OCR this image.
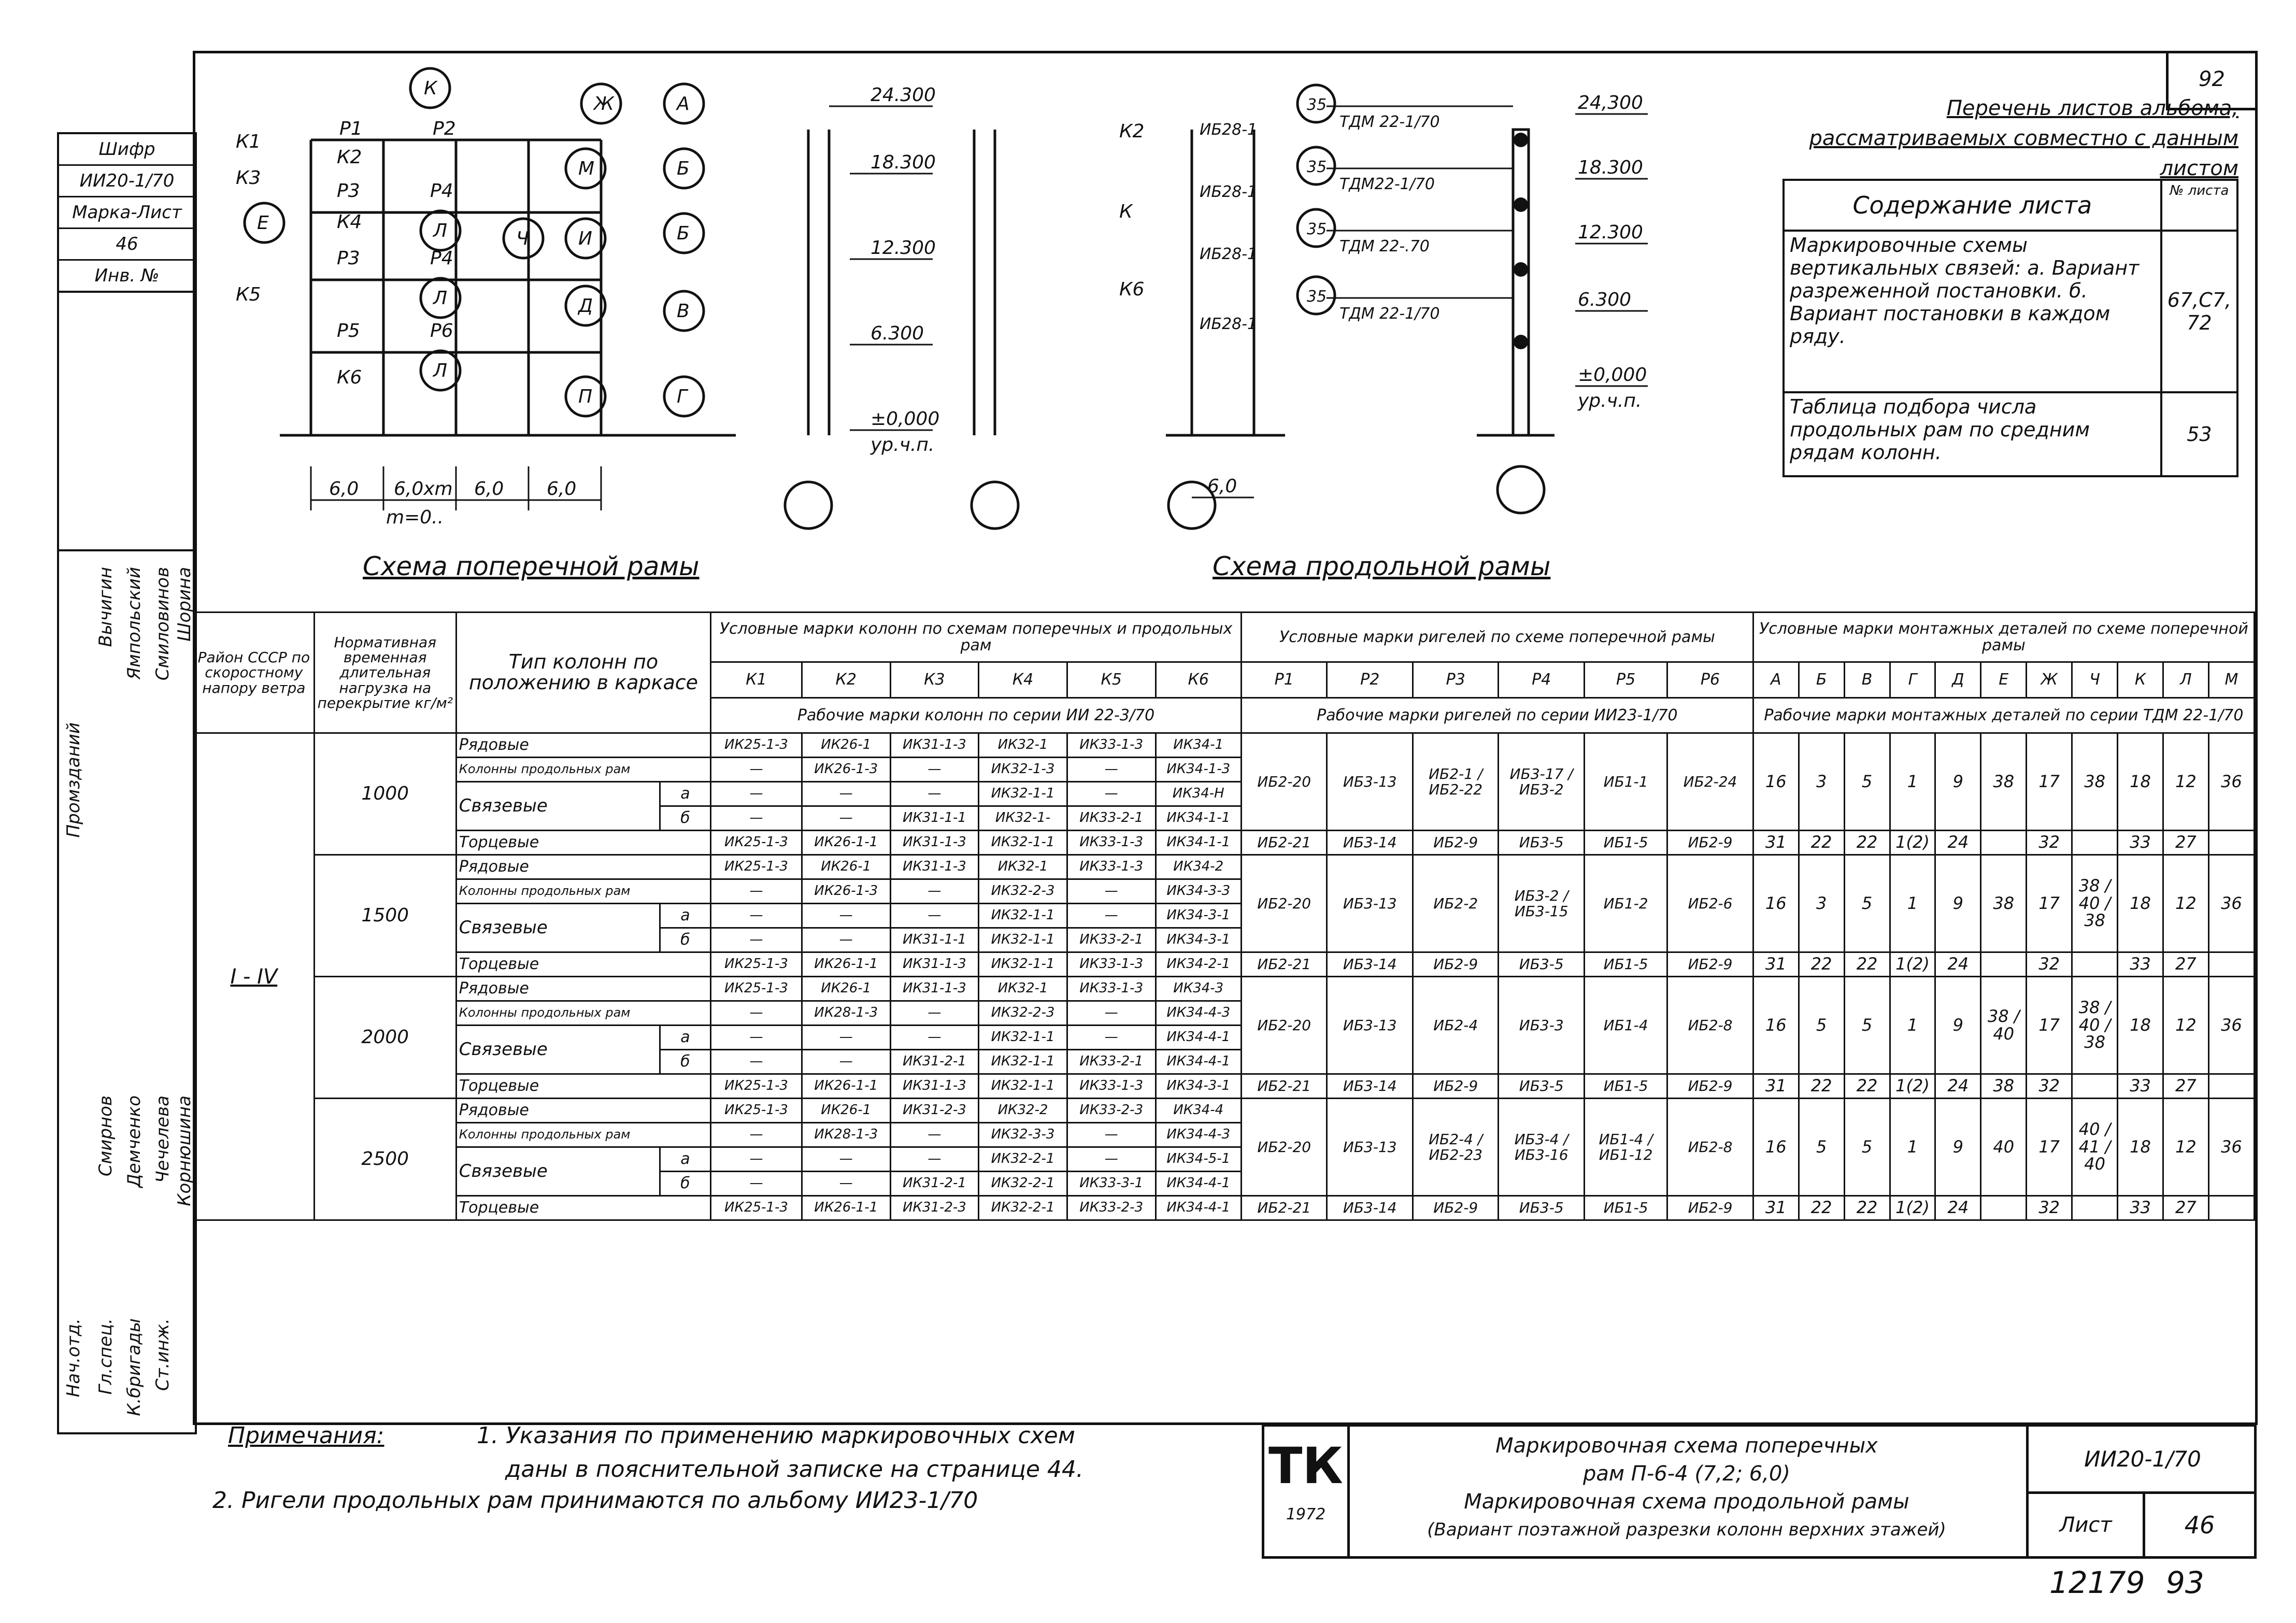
92
Шифр
ИИ20-1/70
Марка-Лист
46
Инв. №
Промзданий
Вычигин Ямпольский Смиловинов Шорина
Смирнов Демченко Чечелева Корнюшина
Нач.отд. Гл.спец. К.бригады Ст.инж.
Р1	Р2
Р3	Р4
Р3	Р4
Р5	Р6
К1
К2
К3
К4
К5
К6
К
Ж	А
М	Б
Е	Л	Ч	И	Б
Л	Д	В
Л
П	Г
6,0 6,0хm 6,0 6,0
m=0..
24.300
18.300
12.300
6.300
±0,000
ур.ч.п.
К2
К
К6
ИБ28-1
ИБ28-1
ИБ28-1
ИБ28-1
35
35
35
35
ТДМ 22-1/70
ТДМ22-1/70
ТДМ 22-.70
ТДМ 22-1/70
6,0
24,300
18.300
12.300
6.300
±0,000
ур.ч.п.
Схема поперечной рамы	Схема продольной рамы
Перечень листов альбома,
рассматриваемых совместно с данным листом
Содержание листа	№ листа
Маркировочные схемы вертикальных связей: а. Вариант разреженной постановки. б. Вариант постановки в каждом ряду.	67,С7, 72
Таблица подбора числа продольных рам по средним рядам колонн.	53
Район СССР по скоростному напору ветра	Нормативная временная длительная нагрузка на перекрытие кг/м²	Тип колонн по положению в каркасе		Условные марки колонн по схемам поперечных и продольных рам						Условные марки ригелей по схеме поперечной рамы						Условные марки монтажных деталей по схеме поперечной рамы										
				К1	К2	К3	К4	К5	К6	Р1	Р2	Р3	Р4	Р5	Р6	А	Б	В	Г	Д	Е	Ж	Ч	К	Л	М
				Рабочие марки колонн по серии ИИ 22-3/70						Рабочие марки ригелей по серии ИИ23-1/70						Рабочие марки монтажных деталей по серии ТДМ 22-1/70										
I - IV	1000	Рядовые		ИК25-1-3	ИК26-1	ИК31-1-3	ИК32-1	ИК33-1-3	ИК34-1	ИБ2-20	ИБ3-13	ИБ2-1 / ИБ2-22	ИБ3-17 / ИБ3-2	ИБ1-1	ИБ2-24	16	3	5	1	9	38	17	38	18	12	36
		Колонны продольных рам		—	ИК26-1-3	—	ИК32-1-3	—	ИК34-1-3																	
		Связевые	а	—	—	—	ИК32-1-1	—	ИК34-Н																	
			б	—	—	ИК31-1-1	ИК32-1-	ИК33-2-1	ИК34-1-1																	
		Торцевые		ИК25-1-3	ИК26-1-1	ИК31-1-3	ИК32-1-1	ИК33-1-3	ИК34-1-1	ИБ2-21	ИБ3-14	ИБ2-9	ИБ3-5	ИБ1-5	ИБ2-9	31	22	22	1(2)	24		32		33	27	
	1500	Рядовые		ИК25-1-3	ИК26-1	ИК31-1-3	ИК32-1	ИК33-1-3	ИК34-2	ИБ2-20	ИБ3-13	ИБ2-2	ИБ3-2 / ИБ3-15	ИБ1-2	ИБ2-6	16	3	5	1	9	38	17	38 / 40 / 38	18	12	36
		Колонны продольных рам		—	ИК26-1-3	—	ИК32-2-3	—	ИК34-3-3																	
		Связевые	а	—	—	—	ИК32-1-1	—	ИК34-3-1																	
			б	—	—	ИК31-1-1	ИК32-1-1	ИК33-2-1	ИК34-3-1																	
		Торцевые		ИК25-1-3	ИК26-1-1	ИК31-1-3	ИК32-1-1	ИК33-1-3	ИК34-2-1	ИБ2-21	ИБ3-14	ИБ2-9	ИБ3-5	ИБ1-5	ИБ2-9	31	22	22	1(2)	24		32		33	27	
	2000	Рядовые		ИК25-1-3	ИК26-1	ИК31-1-3	ИК32-1	ИК33-1-3	ИК34-3	ИБ2-20	ИБ3-13	ИБ2-4	ИБ3-3	ИБ1-4	ИБ2-8	16	5	5	1	9	38 / 40	17	38 / 40 / 38	18	12	36
		Колонны продольных рам		—	ИК28-1-3	—	ИК32-2-3	—	ИК34-4-3																	
		Связевые	а	—	—	—	ИК32-1-1	—	ИК34-4-1																	
			б	—	—	ИК31-2-1	ИК32-1-1	ИК33-2-1	ИК34-4-1																	
		Торцевые		ИК25-1-3	ИК26-1-1	ИК31-1-3	ИК32-1-1	ИК33-1-3	ИК34-3-1	ИБ2-21	ИБ3-14	ИБ2-9	ИБ3-5	ИБ1-5	ИБ2-9	31	22	22	1(2)	24	38	32		33	27	
	2500	Рядовые		ИК25-1-3	ИК26-1	ИК31-2-3	ИК32-2	ИК33-2-3	ИК34-4	ИБ2-20	ИБ3-13	ИБ2-4 / ИБ2-23	ИБ3-4 / ИБ3-16	ИБ1-4 / ИБ1-12	ИБ2-8	16	5	5	1	9	40	17	40 / 41 / 40	18	12	36
		Колонны продольных рам		—	ИК28-1-3	—	ИК32-3-3	—	ИК34-4-3																	
		Связевые	а	—	—	—	ИК32-2-1	—	ИК34-5-1																	
			б	—	—	ИК31-2-1	ИК32-2-1	ИК33-3-1	ИК34-4-1																	
		Торцевые		ИК25-1-3	ИК26-1-1	ИК31-2-3	ИК32-2-1	ИК33-2-3	ИК34-4-1	ИБ2-21	ИБ3-14	ИБ2-9	ИБ3-5	ИБ1-5	ИБ2-9	31	22	22	1(2)	24		32		33	27	
Примечания:	1. Указания по применению маркировочных схем
даны в пояснительной записке на странице 44.
2. Ригели продольных рам принимаются по альбому ИИ23-1/70
ТК
1972
Маркировочная схема поперечных
рам П-6-4 (7,2; 6,0)
Маркировочная схема продольной рамы
(Вариант поэтажной разрезки колонн верхних этажей)
ИИ20-1/70
Лист	46
12179 93
